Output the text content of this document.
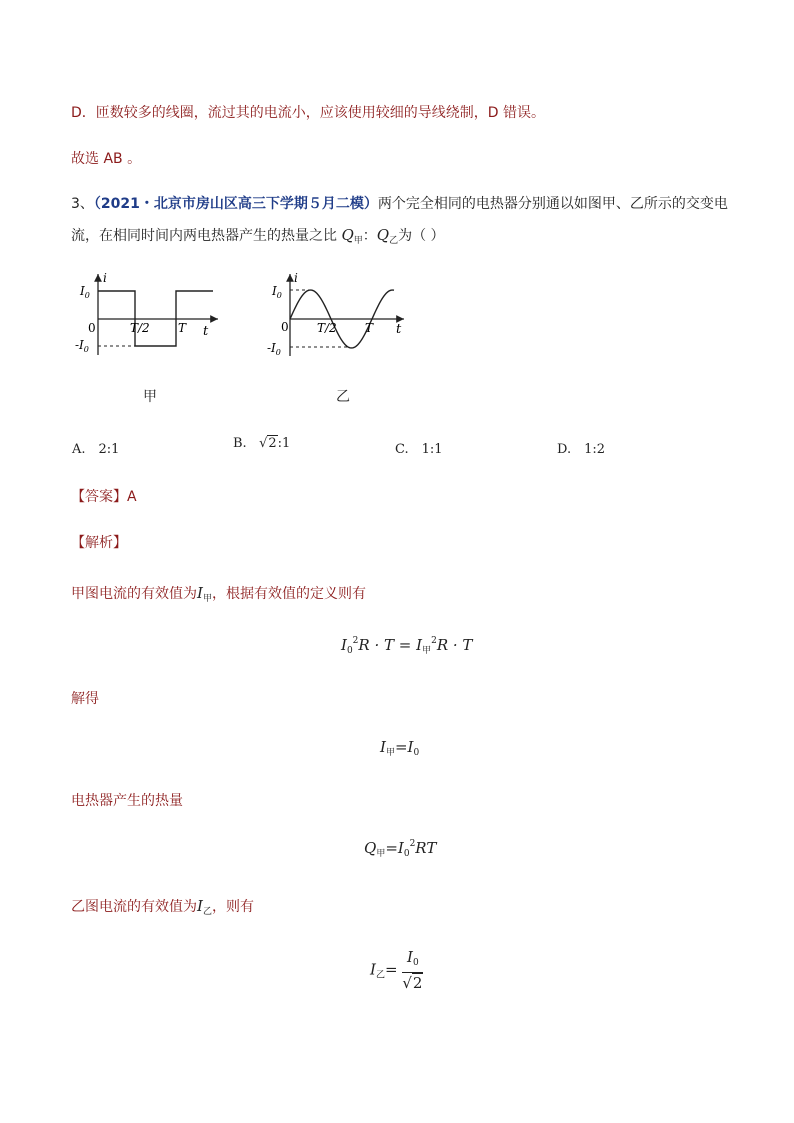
D．匝数较多的线圈，流过其的电流小，应该使用较细的导线绕制，D 错误。
故选 AB 。
3、（2021・北京市房山区高三下学期５月二模）两个完全相同的电热器分别通以如图甲、乙所示的交变电
流，在相同时间内两电热器产生的热量之比 $Q_甲$：$Q_乙$为（ ）
i
t
$I_0$
0	T/2 T
$-I_0$
甲
i
t
$I_0$
0 T/2 T
$-I_0$
乙
A.　2:1	B. √2:1	C.　1:1	D.　1:2
【答案】A
【解析】
甲图电流的有效值为$I_甲$，根据有效值的定义则有
$I_0^2R \cdot T = I_甲^2R \cdot T$
解得
$I_甲=I_0$
电热器产生的热量
$Q_甲=I_0^2RT$
乙图电流的有效值为$I_乙$，则有
$I_乙= \frac{I_0}{√2}$
